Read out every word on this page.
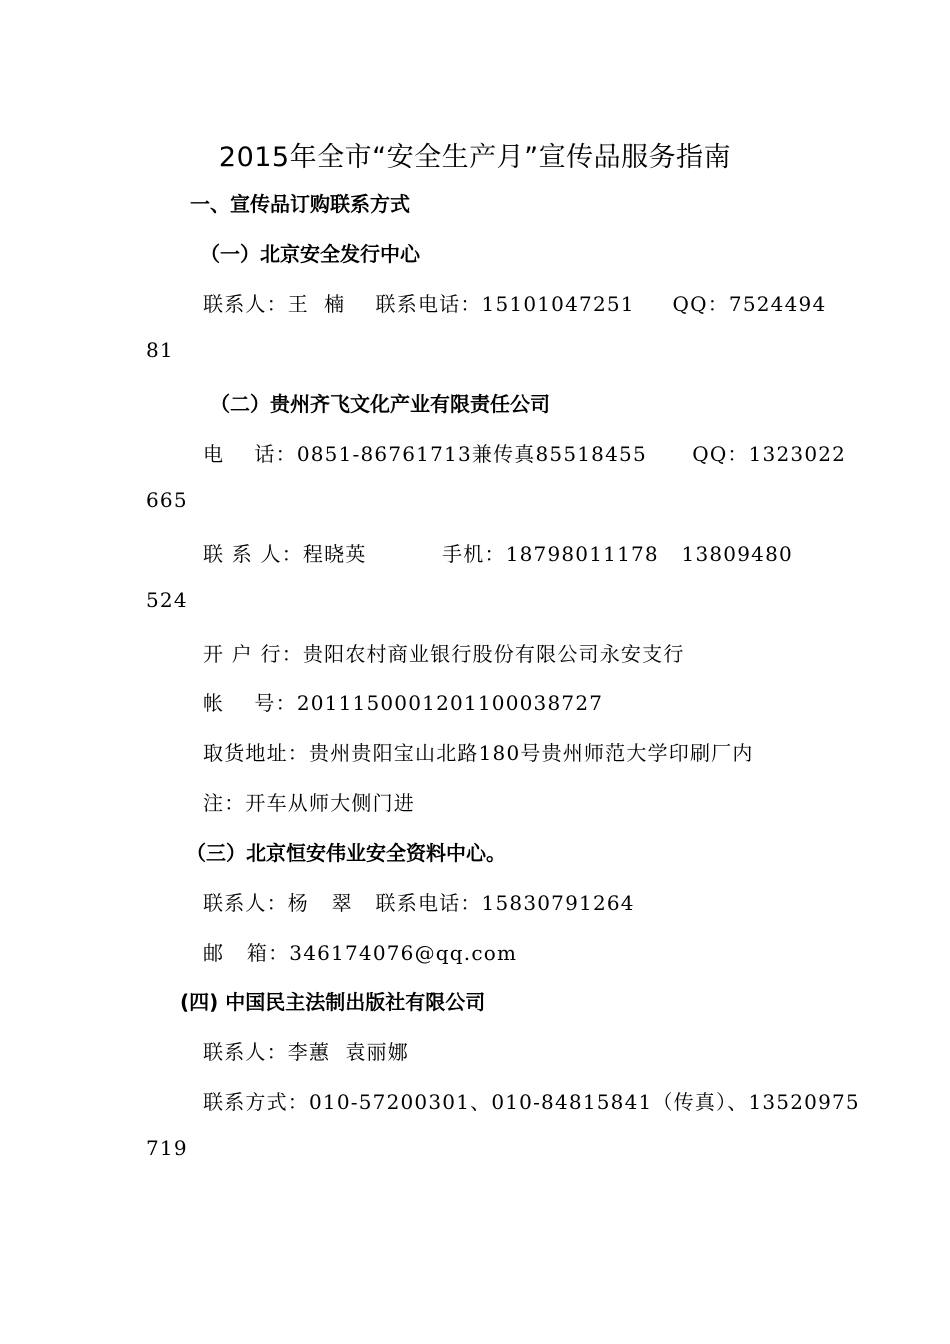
2015年全市“安全生产月”宣传品服务指南
一、宣传品订购联系方式
（一）北京安全发行中心
联系人：王  楠    联系电话：15101047251     QQ：7524494
81
（二）贵州齐飞文化产业有限责任公司
电    话：0851-86761713兼传真85518455      QQ：1323022
665
联 系 人：程晓英          手机：18798011178   13809480
524
开 户 行：贵阳农村商业银行股份有限公司永安支行
帐    号：2011150001201100038727
取货地址：贵州贵阳宝山北路180号贵州师范大学印刷厂内
注：开车从师大侧门进
（三）北京恒安伟业安全资料中心。
联系人：杨   翠   联系电话：15830791264
邮   箱：346174076@qq.com
(四) 中国民主法制出版社有限公司
联系人：李蕙  袁丽娜
联系方式：010-57200301、010-84815841（传真）、13520975
719
